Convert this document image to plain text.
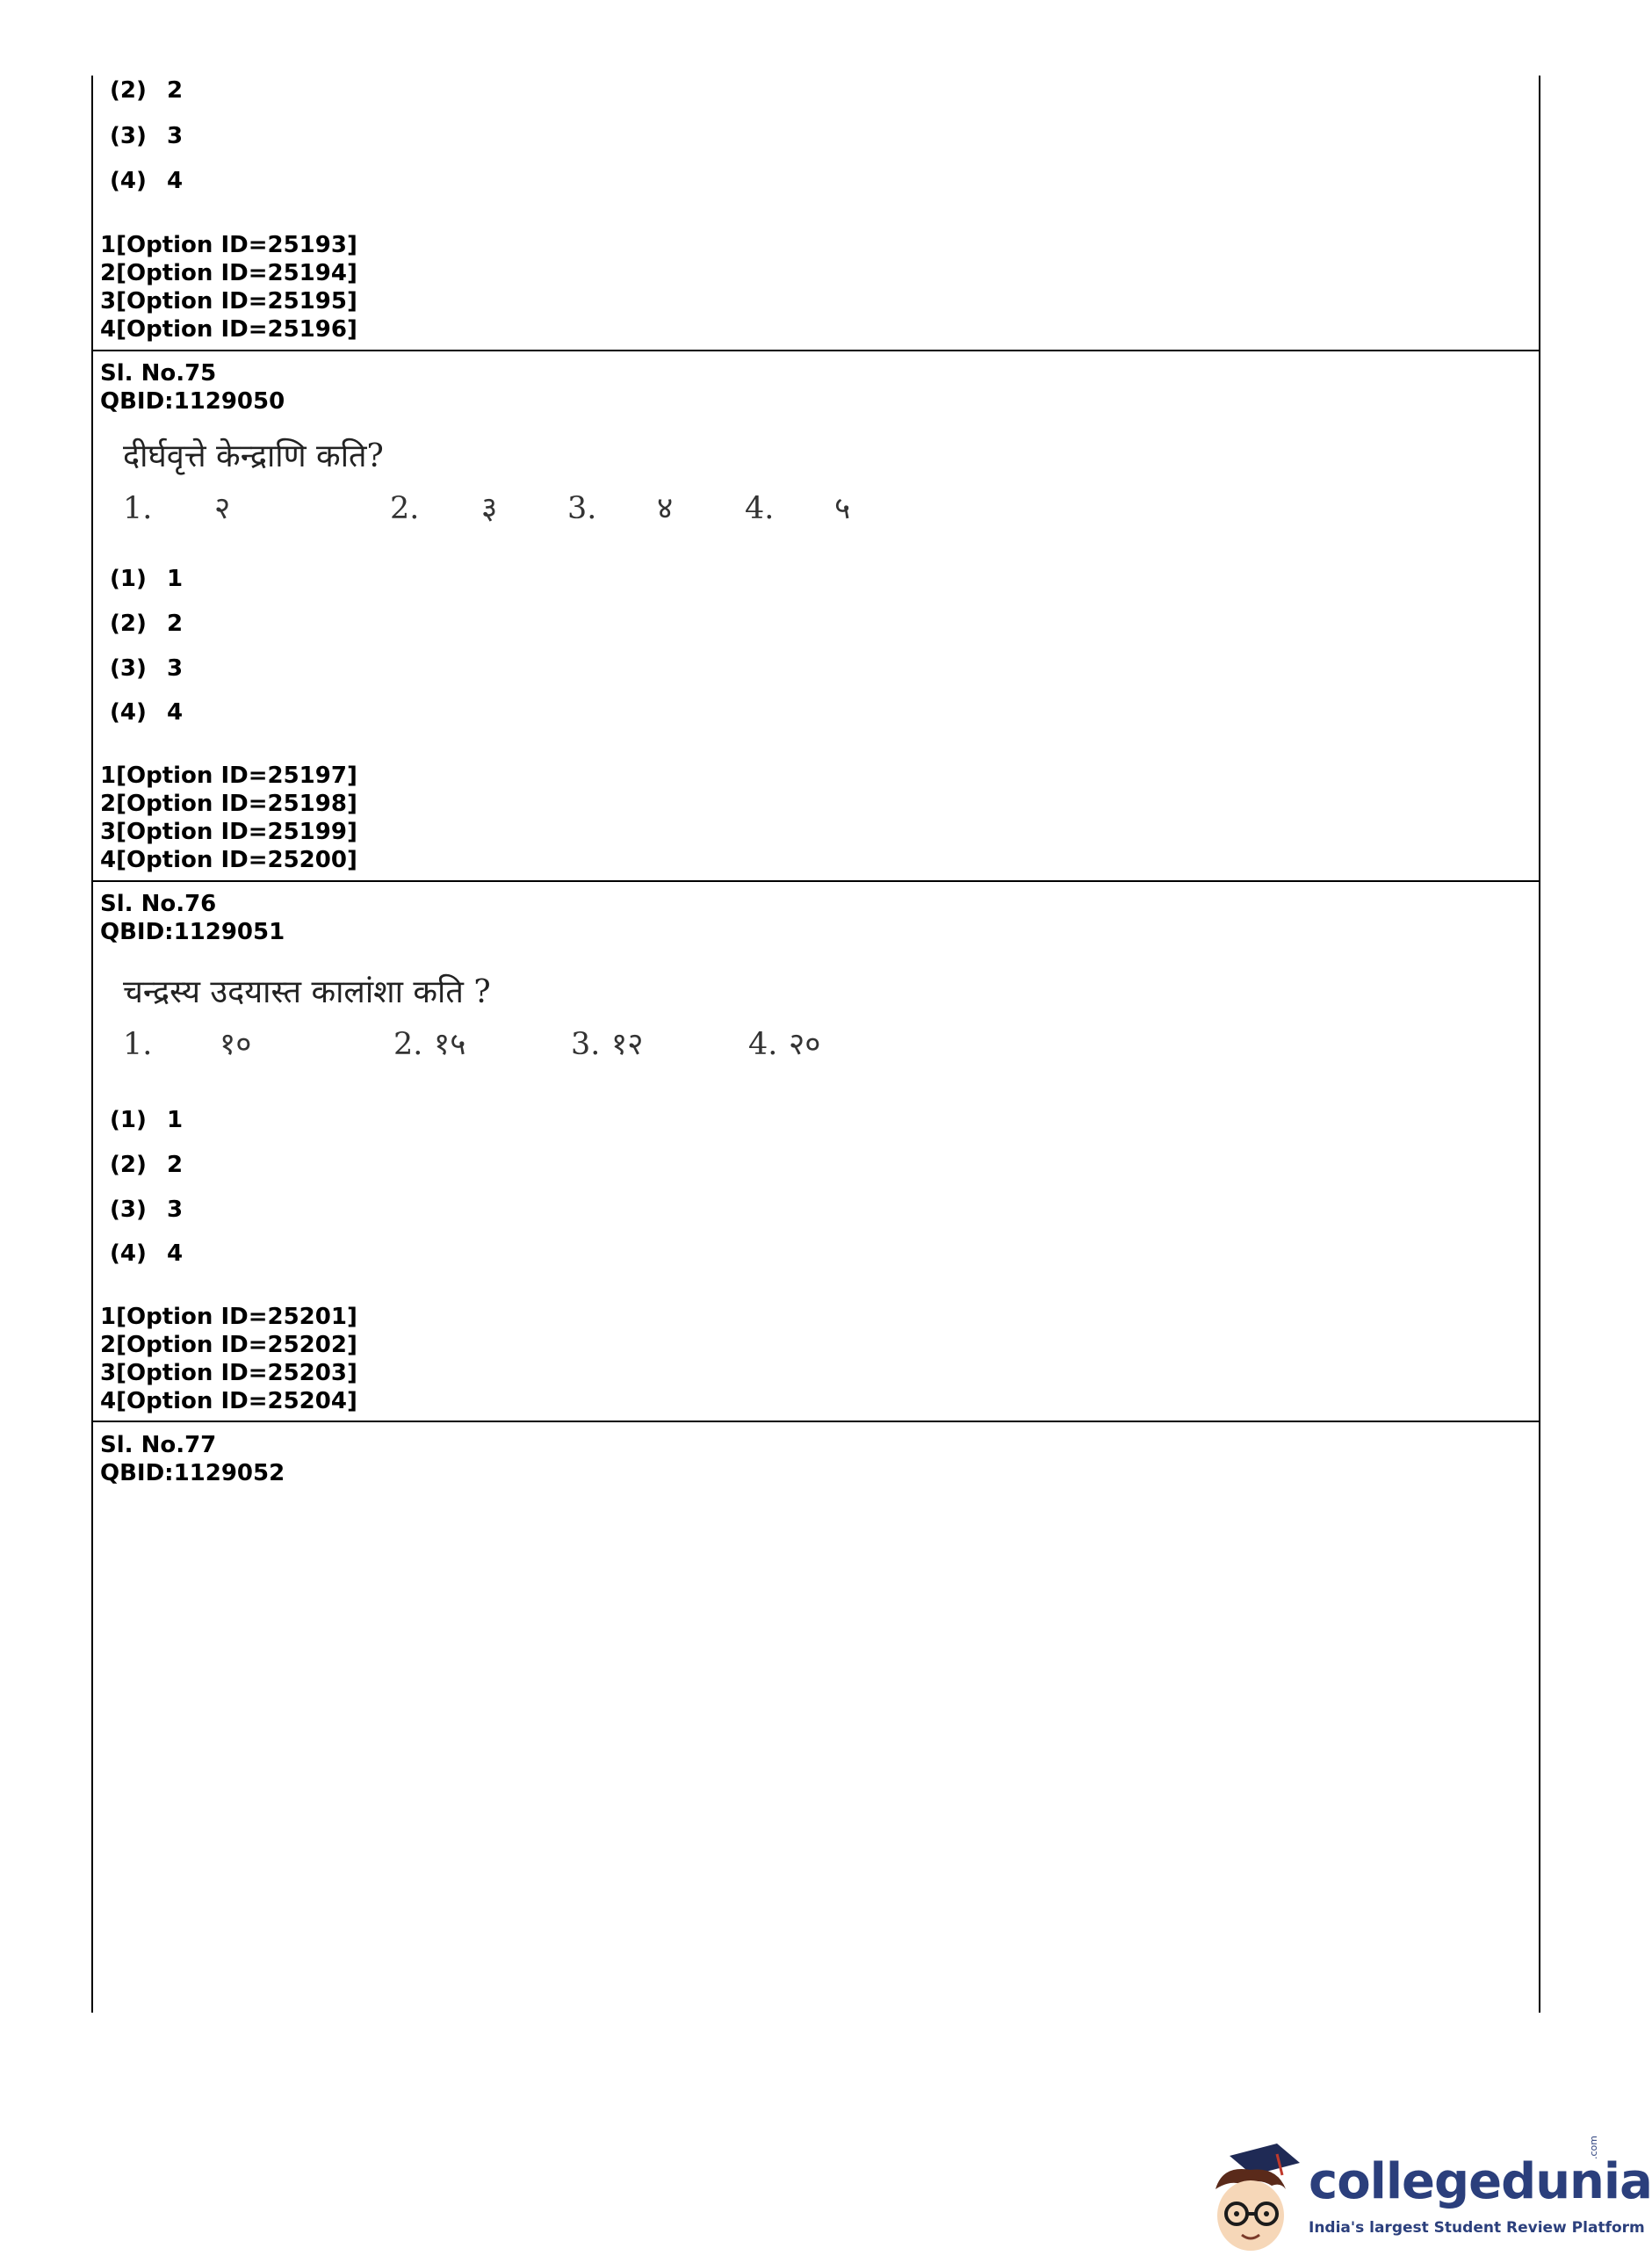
(2) 2
(3) 3
(4) 4
1[Option ID=25193]
2[Option ID=25194]
3[Option ID=25195]
4[Option ID=25196]
Sl. No.75
QBID:1129050
दीर्घवृत्ते केन्द्राणि कति?
1. २	2. ३ 3. ४ 4. ५
(1) 1
(2) 2
(3) 3
(4) 4
1[Option ID=25197]
2[Option ID=25198]
3[Option ID=25199]
4[Option ID=25200]
Sl. No.76
QBID:1129051
चन्द्रस्य उदयास्त कालांशा कति ?
1. १०	2. १५	3. १२	4. २०
(1) 1
(2) 2
(3) 3
(4) 4
1[Option ID=25201]
2[Option ID=25202]
3[Option ID=25203]
4[Option ID=25204]
Sl. No.77
QBID:1129052
collegedunia
.com
India's largest Student Review Platform
